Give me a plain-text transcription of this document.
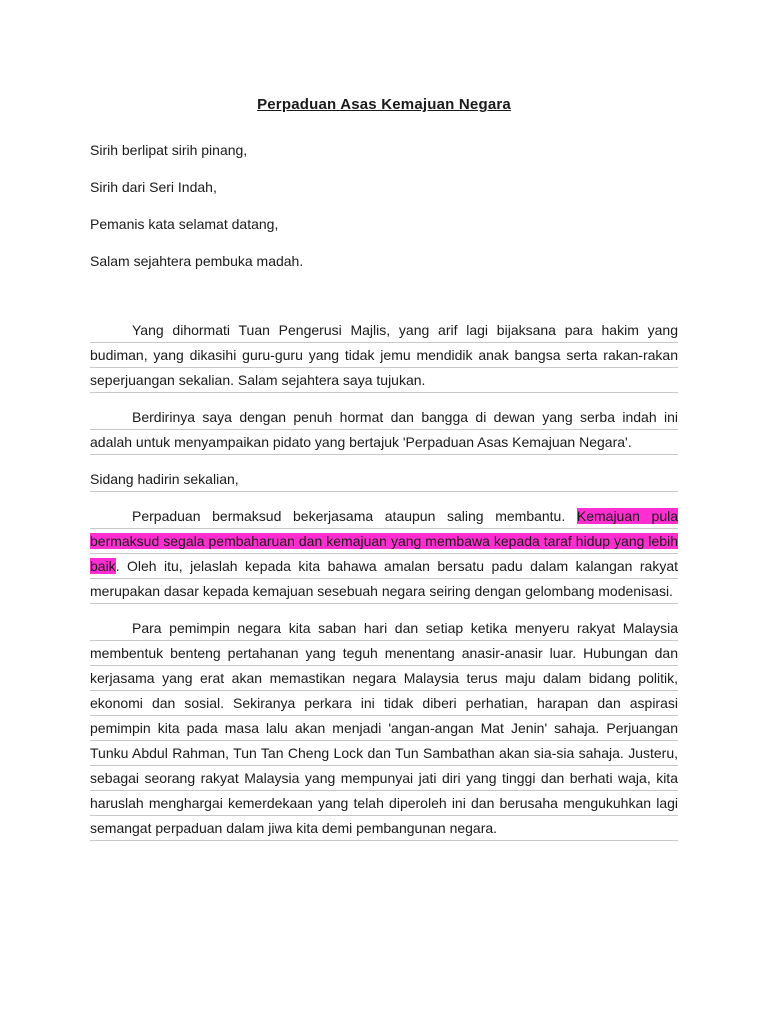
Perpaduan Asas Kemajuan Negara

Sirih berlipat sirih pinang,

Sirih dari Seri Indah,

Pemanis kata selamat datang,

Salam sejahtera pembuka madah.

Yang dihormati Tuan Pengerusi Majlis, yang arif lagi bijaksana para hakim yang budiman, yang dikasihi guru-guru yang tidak jemu mendidik anak bangsa serta rakan-rakan seperjuangan sekalian. Salam sejahtera saya tujukan.

Berdirinya saya dengan penuh hormat dan bangga di dewan yang serba indah ini adalah untuk menyampaikan pidato yang bertajuk 'Perpaduan Asas Kemajuan Negara'.

Sidang hadirin sekalian,

Perpaduan bermaksud bekerjasama ataupun saling membantu. Kemajuan pula bermaksud segala pembaharuan dan kemajuan yang membawa kepada taraf hidup yang lebih baik. Oleh itu, jelaslah kepada kita bahawa amalan bersatu padu dalam kalangan rakyat merupakan dasar kepada kemajuan sesebuah negara seiring dengan gelombang modenisasi.

Para pemimpin negara kita saban hari dan setiap ketika menyeru rakyat Malaysia membentuk benteng pertahanan yang teguh menentang anasir-anasir luar. Hubungan dan kerjasama yang erat akan memastikan negara Malaysia terus maju dalam bidang politik, ekonomi dan sosial. Sekiranya perkara ini tidak diberi perhatian, harapan dan aspirasi pemimpin kita pada masa lalu akan menjadi 'angan-angan Mat Jenin' sahaja. Perjuangan Tunku Abdul Rahman, Tun Tan Cheng Lock dan Tun Sambathan akan sia-sia sahaja. Justeru, sebagai seorang rakyat Malaysia yang mempunyai jati diri yang tinggi dan berhati waja, kita haruslah menghargai kemerdekaan yang telah diperoleh ini dan berusaha mengukuhkan lagi semangat perpaduan dalam jiwa kita demi pembangunan negara.
